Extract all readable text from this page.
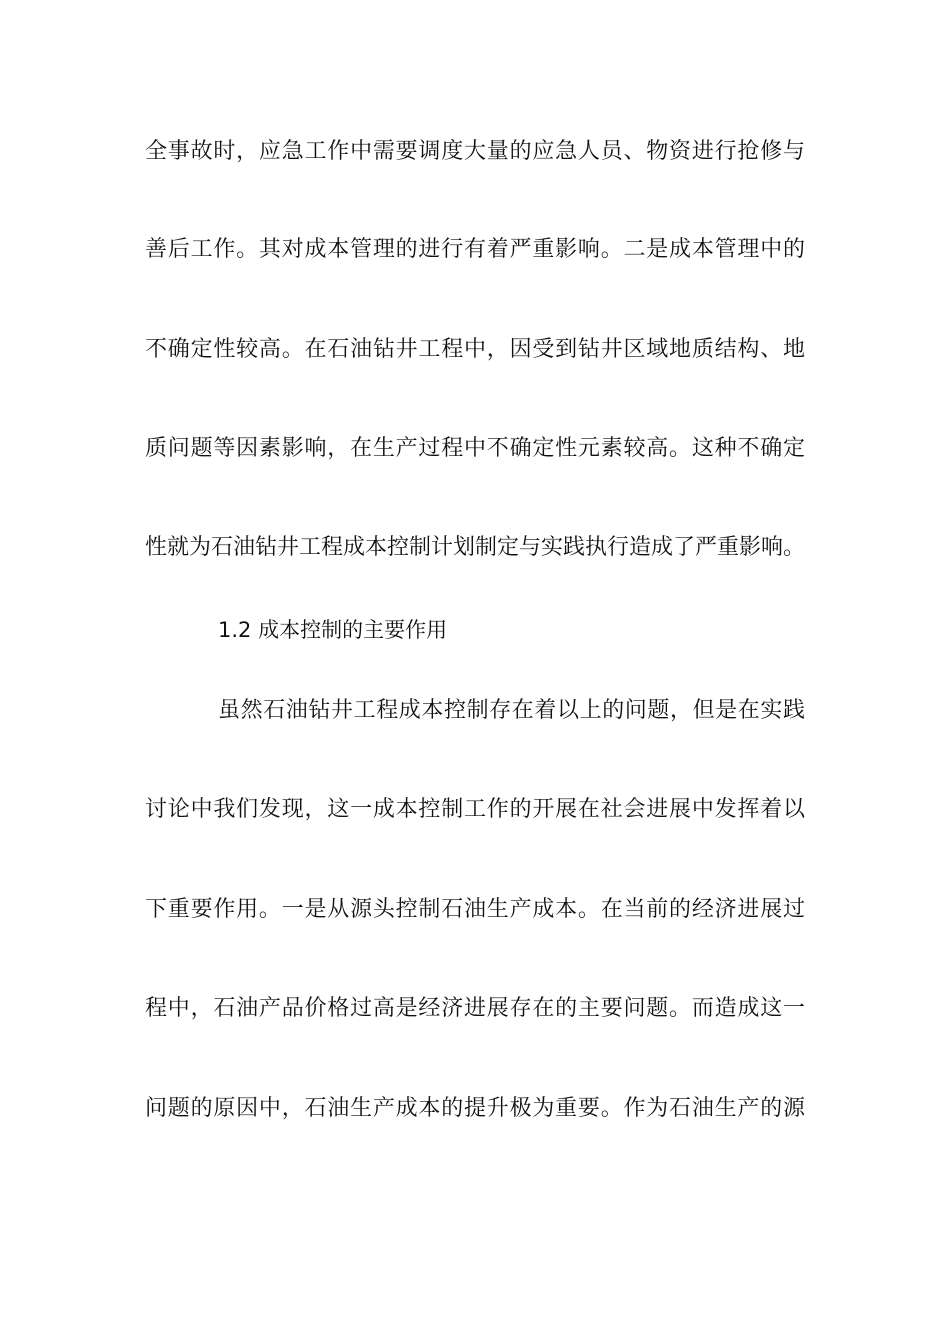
全事故时，应急工作中需要调度大量的应急人员、物资进行抢修与
善后工作。其对成本管理的进行有着严重影响。二是成本管理中的
不确定性较高。在石油钻井工程中，因受到钻井区域地质结构、地
质问题等因素影响，在生产过程中不确定性元素较高。这种不确定
性就为石油钻井工程成本控制计划制定与实践执行造成了严重影响。
1.2 成本控制的主要作用
虽然石油钻井工程成本控制存在着以上的问题，但是在实践
讨论中我们发现，这一成本控制工作的开展在社会进展中发挥着以
下重要作用。一是从源头控制石油生产成本。在当前的经济进展过
程中，石油产品价格过高是经济进展存在的主要问题。而造成这一
问题的原因中，石油生产成本的提升极为重要。作为石油生产的源
